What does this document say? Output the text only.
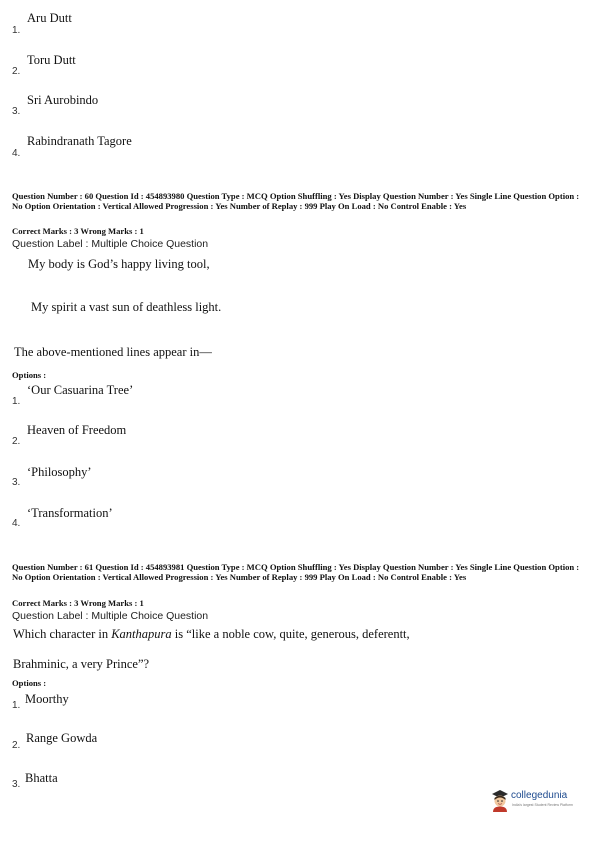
Aru Dutt
1.
Toru Dutt
2.
Sri Aurobindo
3.
Rabindranath Tagore
4.
Question Number : 60 Question Id : 454893980 Question Type : MCQ Option Shuffling : Yes Display Question Number : Yes Single Line Question Option : No Option Orientation : Vertical Allowed Progression : Yes Number of Replay : 999 Play On Load : No Control Enable : Yes
Correct Marks : 3 Wrong Marks : 1
Question Label : Multiple Choice Question
My body is God’s happy living tool,
My spirit a vast sun of deathless light.
The above-mentioned lines appear in—
Options :
‘Our Casuarina Tree’
1.
Heaven of Freedom
2.
‘Philosophy’
3.
‘Transformation’
4.
Question Number : 61 Question Id : 454893981 Question Type : MCQ Option Shuffling : Yes Display Question Number : Yes Single Line Question Option : No Option Orientation : Vertical Allowed Progression : Yes Number of Replay : 999 Play On Load : No Control Enable : Yes
Correct Marks : 3 Wrong Marks : 1
Question Label : Multiple Choice Question
Which character in Kanthapura is “like a noble cow, quite, generous, deferentt,
Brahminic, a very Prince”?
Options :
Moorthy
1.
Range Gowda
2.
Bhatta
3.
collegedunia
India's largest Student Review Platform
